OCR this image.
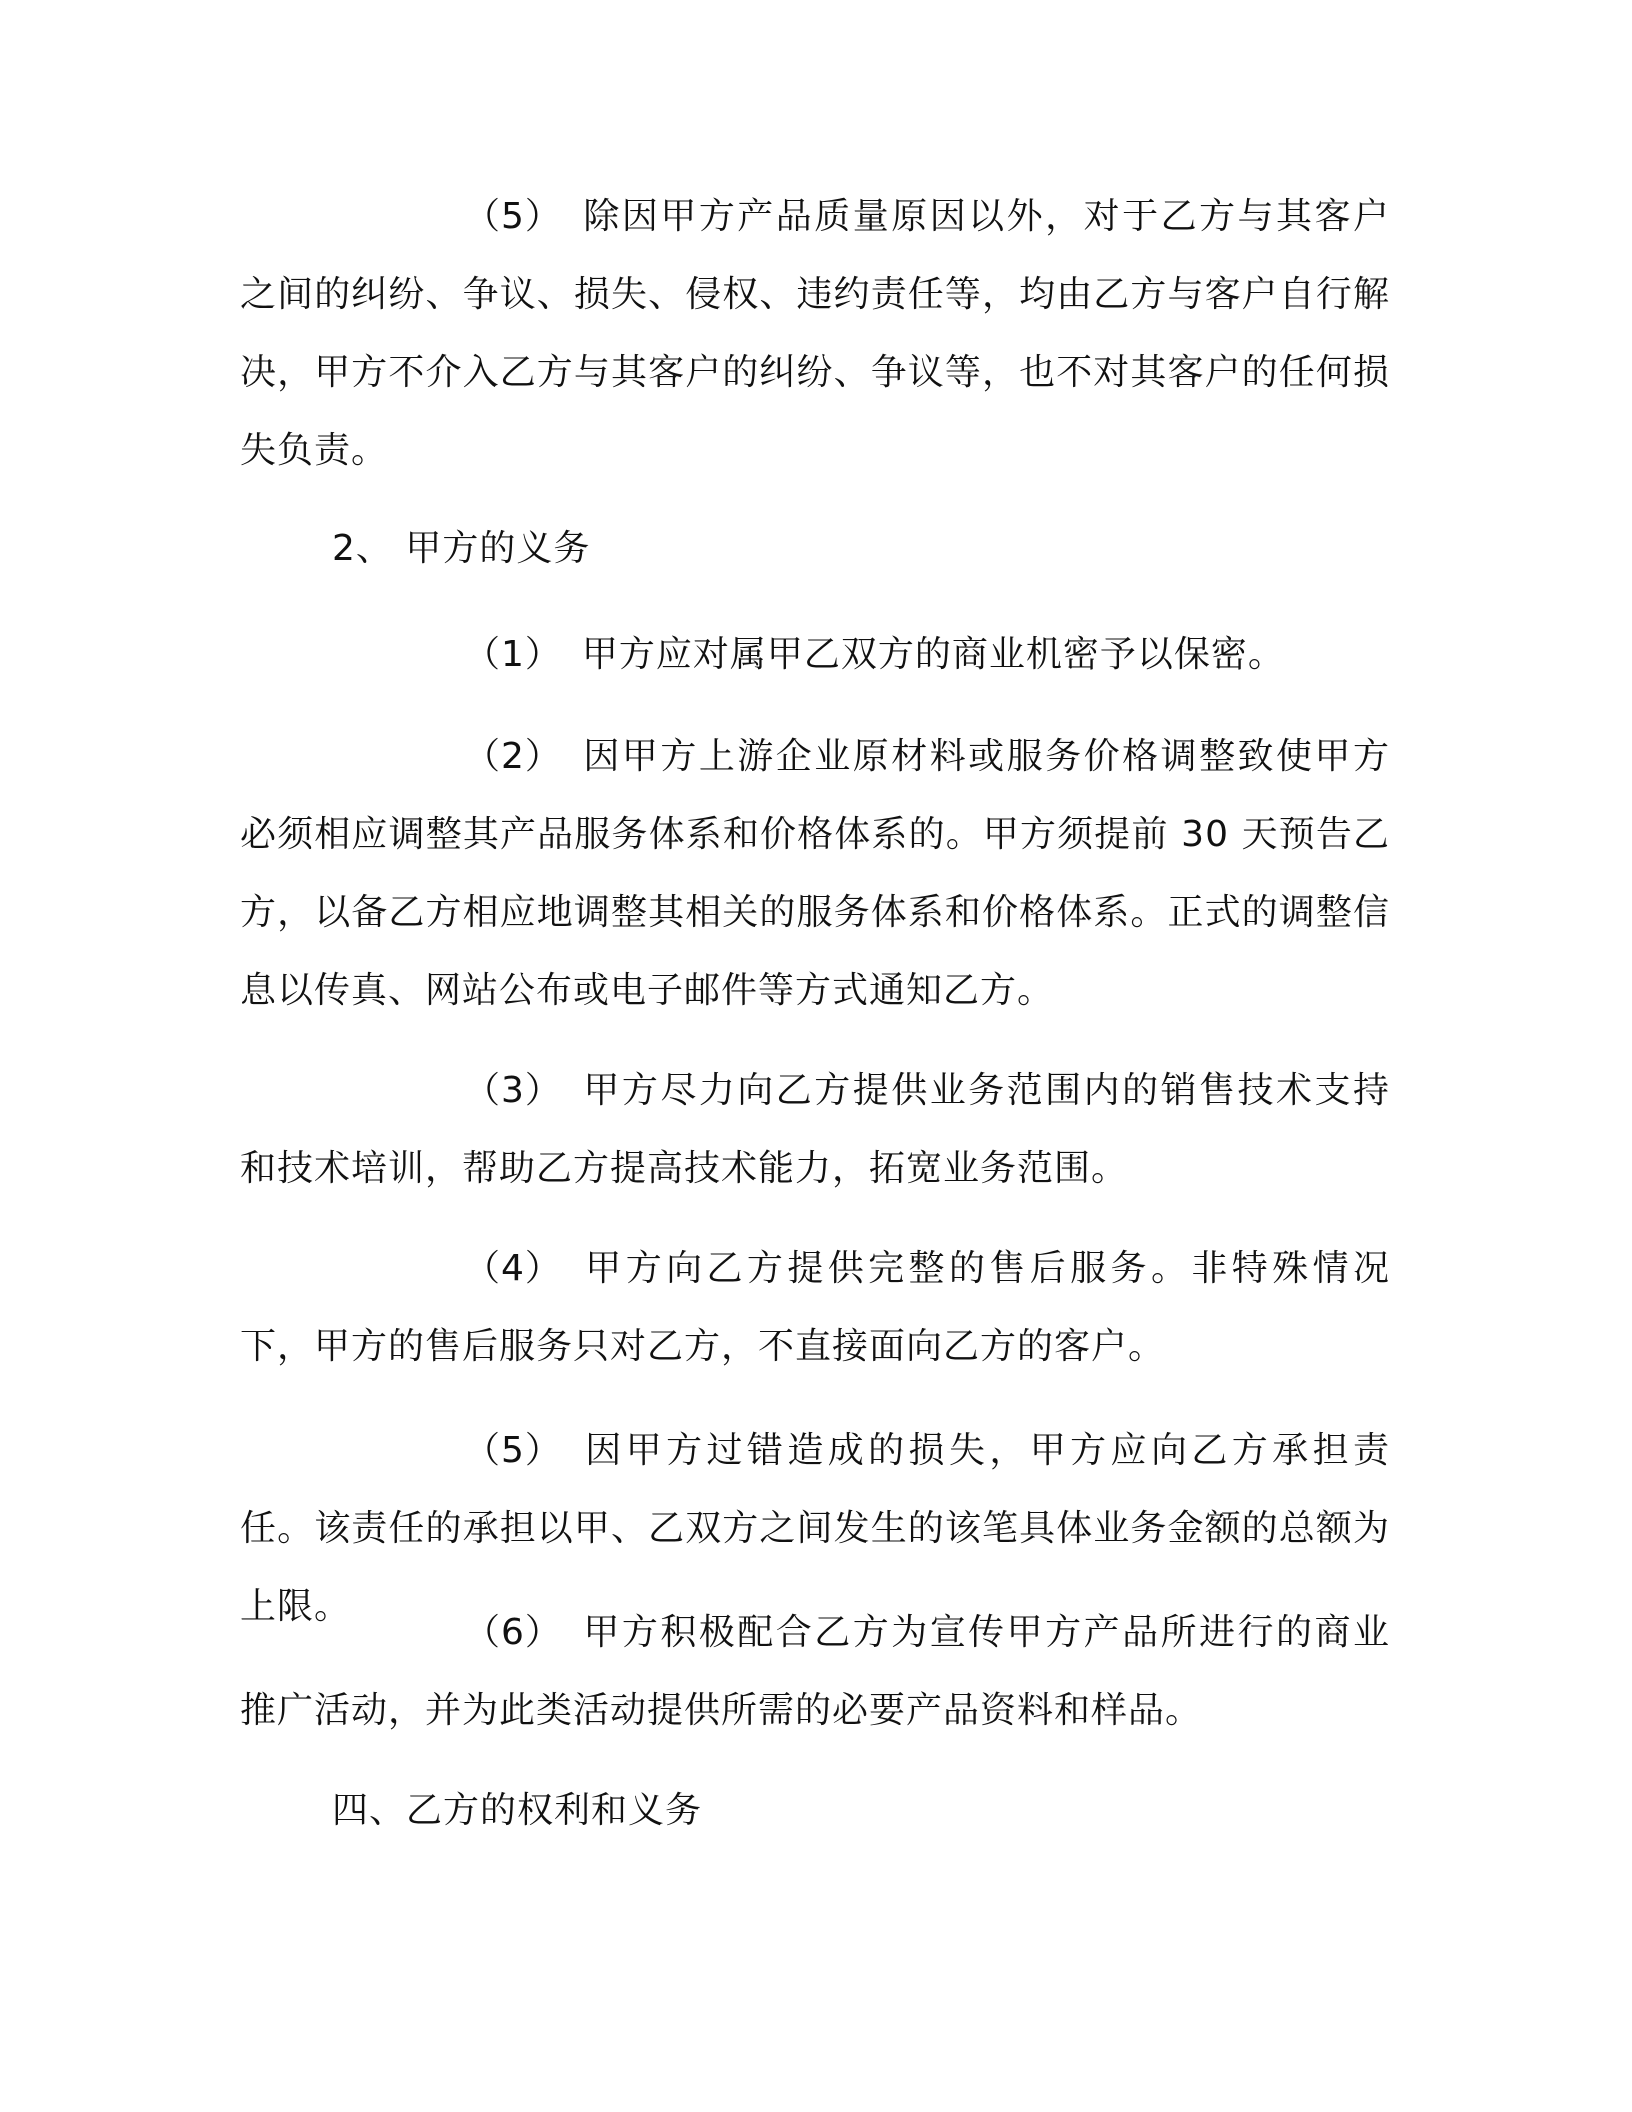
（5） 除因甲方产品质量原因以外，对于乙方与其客户之间的纠纷、争议、损失、侵权、违约责任等，均由乙方与客户自行解决，甲方不介入乙方与其客户的纠纷、争议等，也不对其客户的任何损失负责。

2、 甲方的义务

（1） 甲方应对属甲乙双方的商业机密予以保密。

（2） 因甲方上游企业原材料或服务价格调整致使甲方必须相应调整其产品服务体系和价格体系的。甲方须提前 30 天预告乙方，以备乙方相应地调整其相关的服务体系和价格体系。正式的调整信息以传真、网站公布或电子邮件等方式通知乙方。

（3） 甲方尽力向乙方提供业务范围内的销售技术支持和技术培训，帮助乙方提高技术能力，拓宽业务范围。

（4） 甲方向乙方提供完整的售后服务。非特殊情况下，甲方的售后服务只对乙方，不直接面向乙方的客户。

（5） 因甲方过错造成的损失，甲方应向乙方承担责任。该责任的承担以甲、乙双方之间发生的该笔具体业务金额的总额为上限。

（6） 甲方积极配合乙方为宣传甲方产品所进行的商业推广活动，并为此类活动提供所需的必要产品资料和样品。

四、乙方的权利和义务
